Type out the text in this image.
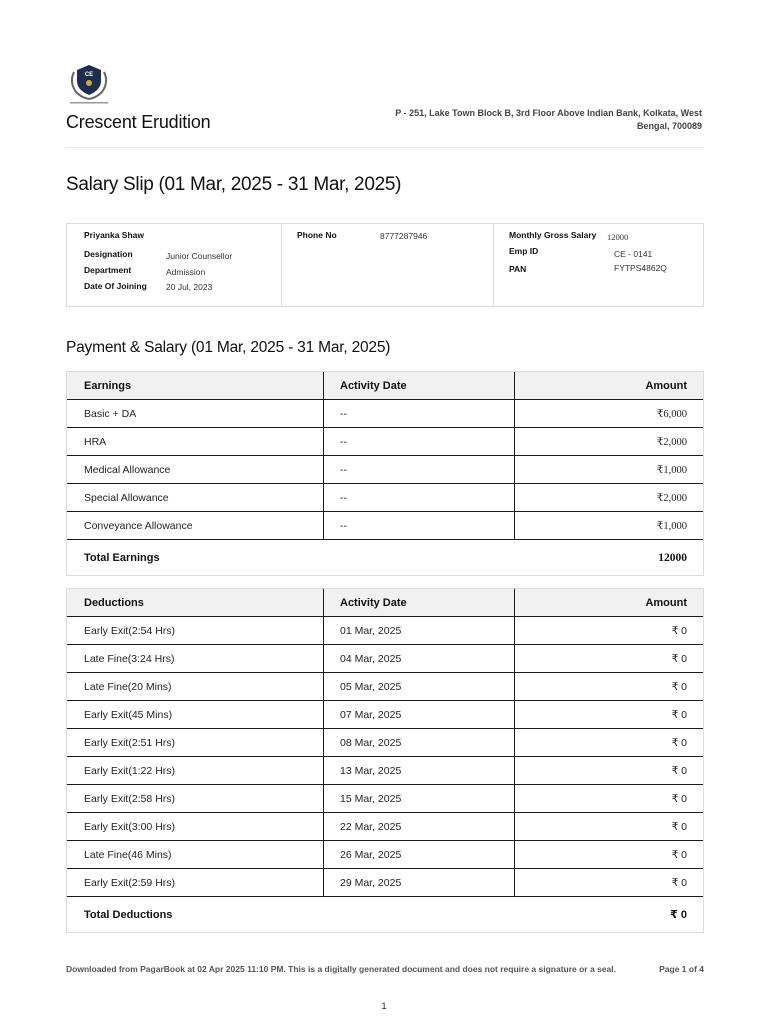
CE
Crescent Erudition	P - 251, Lake Town Block B, 3rd Floor Above Indian Bank, Kolkata, West Bengal, 700089
Salary Slip (01 Mar, 2025 - 31 Mar, 2025)
Priyanka Shaw
Designation	Junior Counsellor
Department	Admission
Date Of Joining 20 Jul, 2023
Phone No	8777287946	Monthly Gross Salary 12000
Emp ID	CE - 0141
PAN	FYTPS4862Q
Payment & Salary (01 Mar, 2025 - 31 Mar, 2025)
Earnings	Activity Date	Amount
Basic + DA	--	₹6,000
HRA	--	₹2,000
Medical Allowance	--	₹1,000
Special Allowance	--	₹2,000
Conveyance Allowance	--	₹1,000
Total Earnings	12000
Deductions	Activity Date	Amount
Early Exit(2:54 Hrs)	01 Mar, 2025	₹ 0
Late Fine(3:24 Hrs)	04 Mar, 2025	₹ 0
Late Fine(20 Mins)	05 Mar, 2025	₹ 0
Early Exit(45 Mins)	07 Mar, 2025	₹ 0
Early Exit(2:51 Hrs)	08 Mar, 2025	₹ 0
Early Exit(1:22 Hrs)	13 Mar, 2025	₹ 0
Early Exit(2:58 Hrs)	15 Mar, 2025	₹ 0
Early Exit(3:00 Hrs)	22 Mar, 2025	₹ 0
Late Fine(46 Mins)	26 Mar, 2025	₹ 0
Early Exit(2:59 Hrs)	29 Mar, 2025	₹ 0
Total Deductions	₹ 0
Downloaded from PagarBook at 02 Apr 2025 11:10 PM. This is a digitally generated document and does not require a signature or a seal.	Page 1 of 4
1
